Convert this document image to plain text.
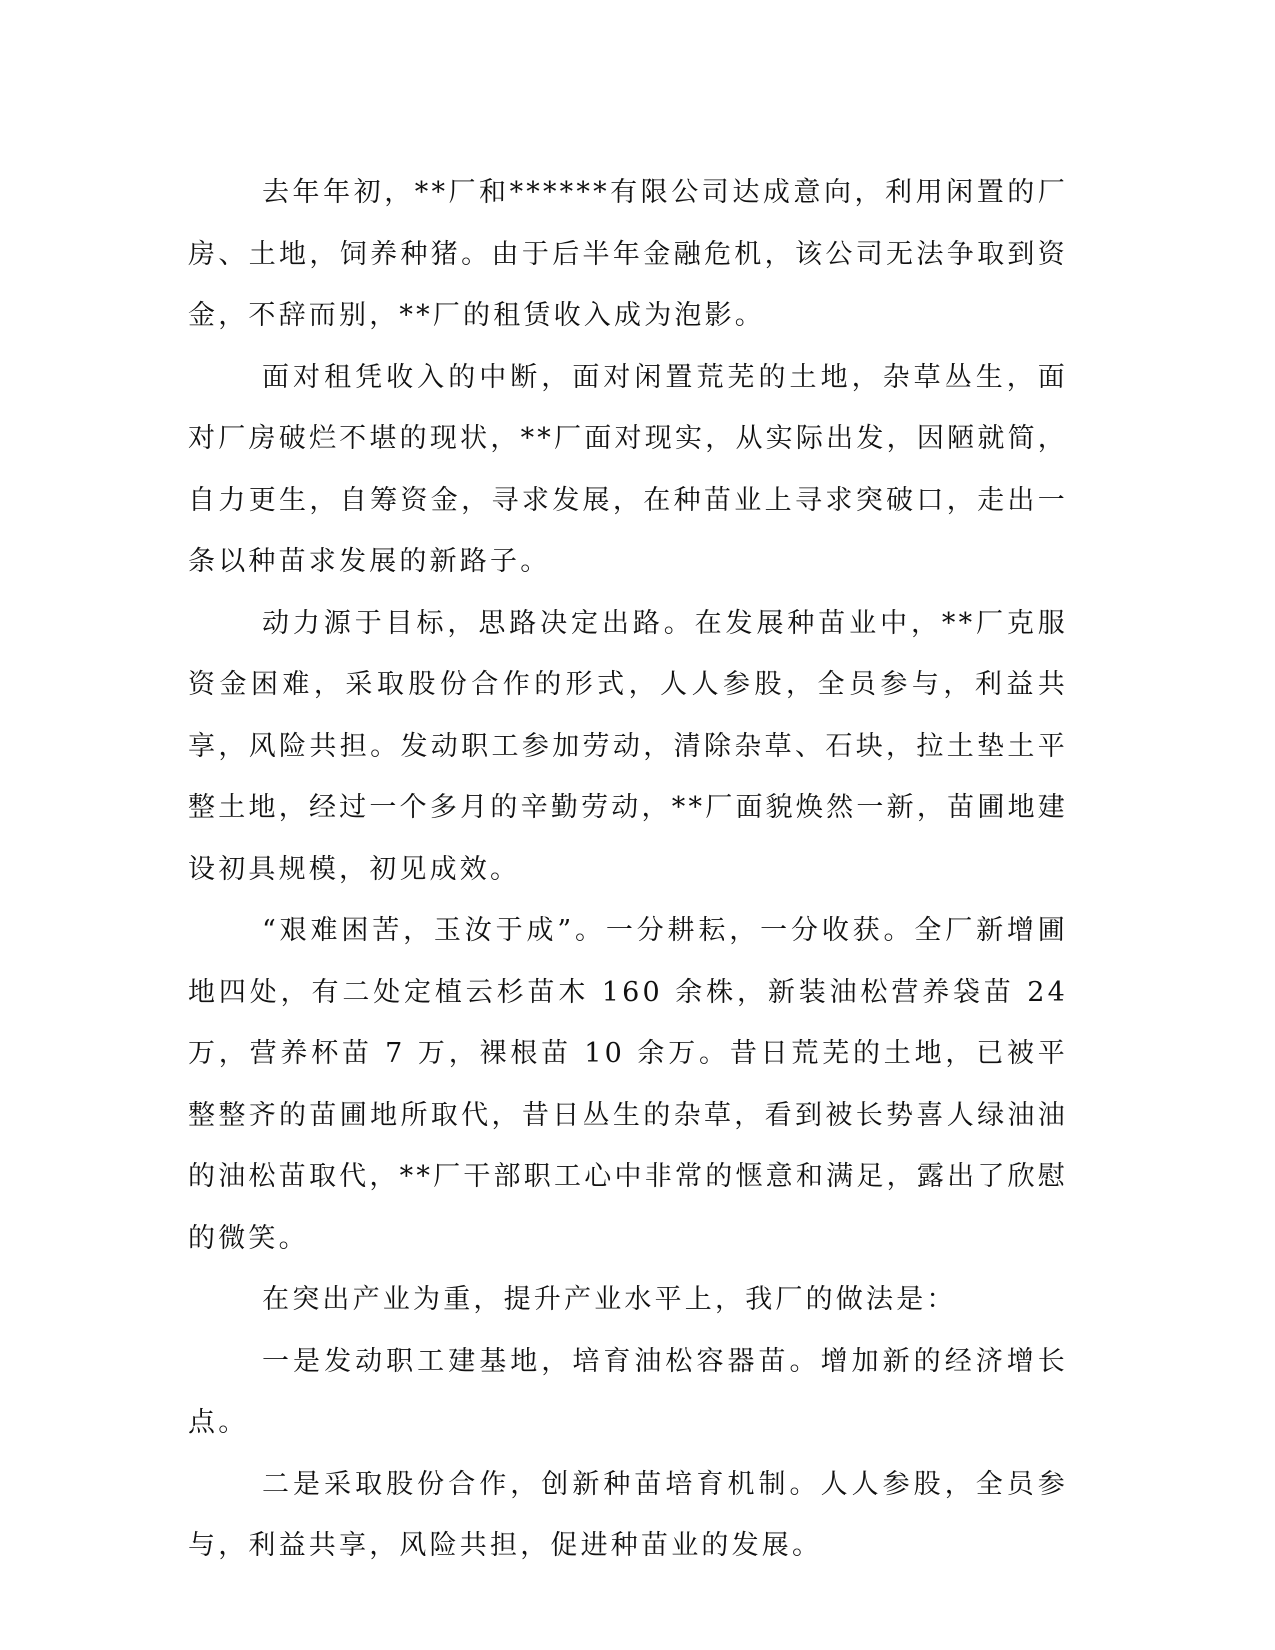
去年年初，**厂和******有限公司达成意向，利用闲置的厂房、土地，饲养种猪。由于后半年金融危机，该公司无法争取到资金，不辞而别，**厂的租赁收入成为泡影。

面对租凭收入的中断，面对闲置荒芜的土地，杂草丛生，面对厂房破烂不堪的现状，**厂面对现实，从实际出发，因陋就简，自力更生，自筹资金，寻求发展，在种苗业上寻求突破口，走出一条以种苗求发展的新路子。

动力源于目标，思路决定出路。在发展种苗业中，**厂克服资金困难，采取股份合作的形式，人人参股，全员参与，利益共享，风险共担。发动职工参加劳动，清除杂草、石块，拉土垫土平整土地，经过一个多月的辛勤劳动，**厂面貌焕然一新，苗圃地建设初具规模，初见成效。

“艰难困苦，玉汝于成”。一分耕耘，一分收获。全厂新增圃地四处，有二处定植云杉苗木 160 余株，新装油松营养袋苗 24 万，营养杯苗 7 万，裸根苗 10 余万。昔日荒芜的土地，已被平整整齐的苗圃地所取代，昔日丛生的杂草，看到被长势喜人绿油油的油松苗取代，**厂干部职工心中非常的惬意和满足，露出了欣慰的微笑。

在突出产业为重，提升产业水平上，我厂的做法是：

一是发动职工建基地，培育油松容器苗。增加新的经济增长点。

二是采取股份合作，创新种苗培育机制。人人参股，全员参与，利益共享，风险共担，促进种苗业的发展。
